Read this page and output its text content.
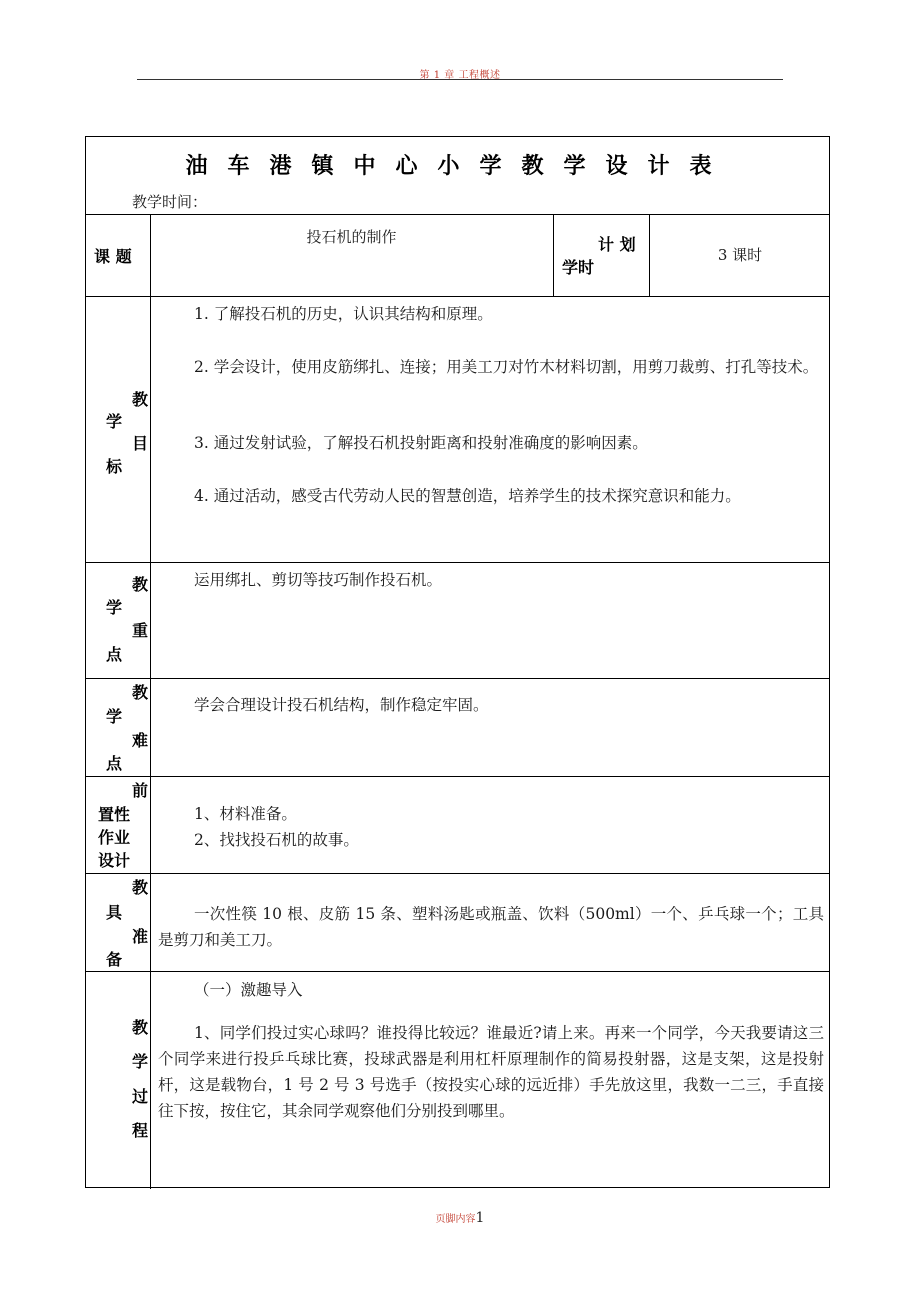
第 1 章 工程概述
油车港镇中心小学教学设计表
教学时间：
课 题
投石机的制作	计 划
学时
3 课时
教
学
目
标
1. 了解投石机的历史，认识其结构和原理。
2. 学会设计，使用皮筋绑扎、连接；用美工刀对竹木材料切割，用剪刀裁剪、打孔等技术。
3. 通过发射试验，了解投石机投射距离和投射准确度的影响因素。
4. 通过活动，感受古代劳动人民的智慧创造，培养学生的技术探究意识和能力。
教
学
重
点
运用绑扎、剪切等技巧制作投石机。
教
学
难
点
学会合理设计投石机结构，制作稳定牢固。
前
置性
作业
设计
1、材料准备。
2、找找投石机的故事。
教
具
准
备
一次性筷 10 根、皮筋 15 条、塑料汤匙或瓶盖、饮料（500ml）一个、乒乓球一个；工具是剪刀和美工刀。
教
学
过
程
（一）激趣导入
1、同学们投过实心球吗？谁投得比较远？谁最近?请上来。再来一个同学，今天我要请这三个同学来进行投乒乓球比赛，投球武器是利用杠杆原理制作的简易投射器，这是支架，这是投射杆，这是载物台，1 号 2 号 3 号选手（按投实心球的远近排）手先放这里，我数一二三，手直接往下按，按住它，其余同学观察他们分别投到哪里。
页脚内容1
